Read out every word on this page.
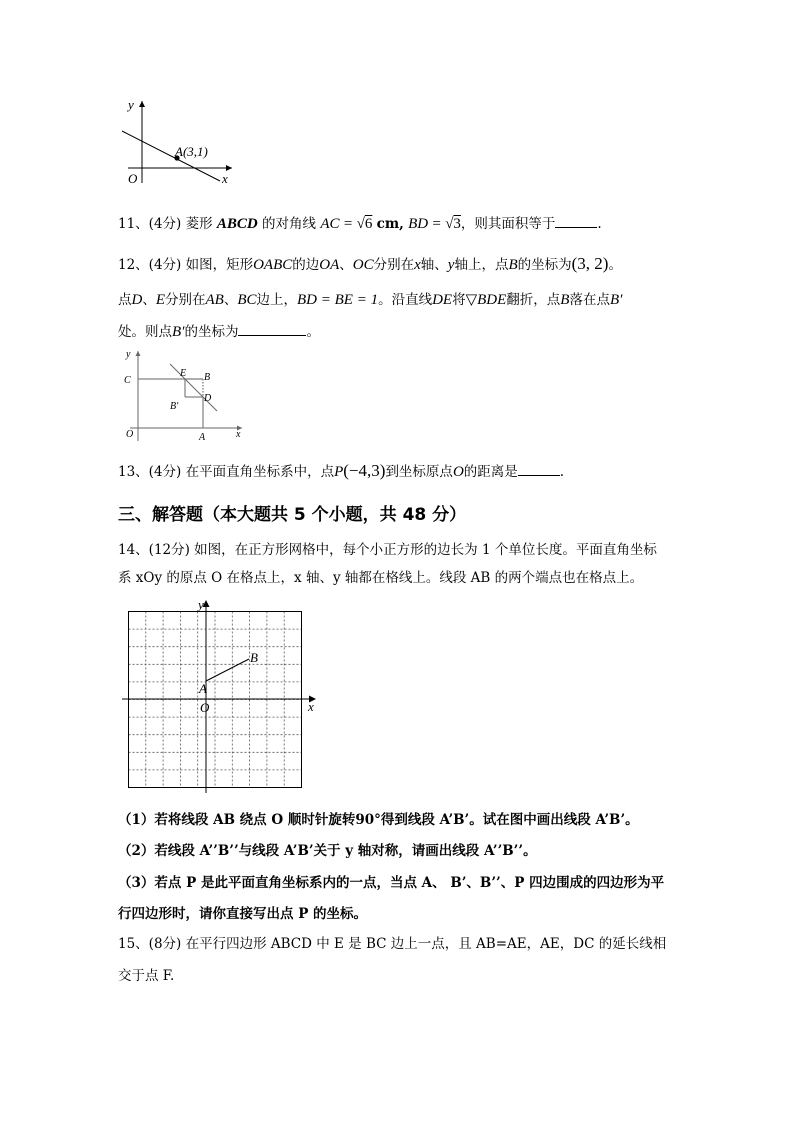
y
x
O
A(3,1)
11、(4分) 菱形 ABCD 的对角线 AC = √6 cm, BD = √3，则其面积等于	.
12、(4分) 如图，矩形OABC的边OA、OC分别在x轴、y轴上，点B的坐标为(3, 2)。
点D、E分别在AB、BC边上，BD = BE = 1。沿直线DE将▽BDE翻折，点B落在点B′
处。则点B′的坐标为	。
y
C
E B
D
B′
O	A	x
13、(4分) 在平面直角坐标系中，点P(−4,3)到坐标原点O的距离是	.
三、解答题（本大题共 5 个小题，共 48 分）
14、(12分) 如图，在正方形网格中，每个小正方形的边长为 1 个单位长度。平面直角坐标
系 xOy 的原点 O 在格点上，x 轴、y 轴都在格线上。线段 AB 的两个端点也在格点上。
y
x
O
A
B
（1）若将线段 AB 绕点 O 顺时针旋转90°得到线段 A’B’。试在图中画出线段 A’B’。
（2）若线段 A’’B’’与线段 A’B’关于 y 轴对称，请画出线段 A’’B’’。
（3）若点 P 是此平面直角坐标系内的一点，当点 A、 B’、B’’、P 四边围成的四边形为平
行四边形时，请你直接写出点 P 的坐标。
15、(8分) 在平行四边形 ABCD 中 E 是 BC 边上一点，且 AB=AE，AE，DC 的延长线相
交于点 F.
